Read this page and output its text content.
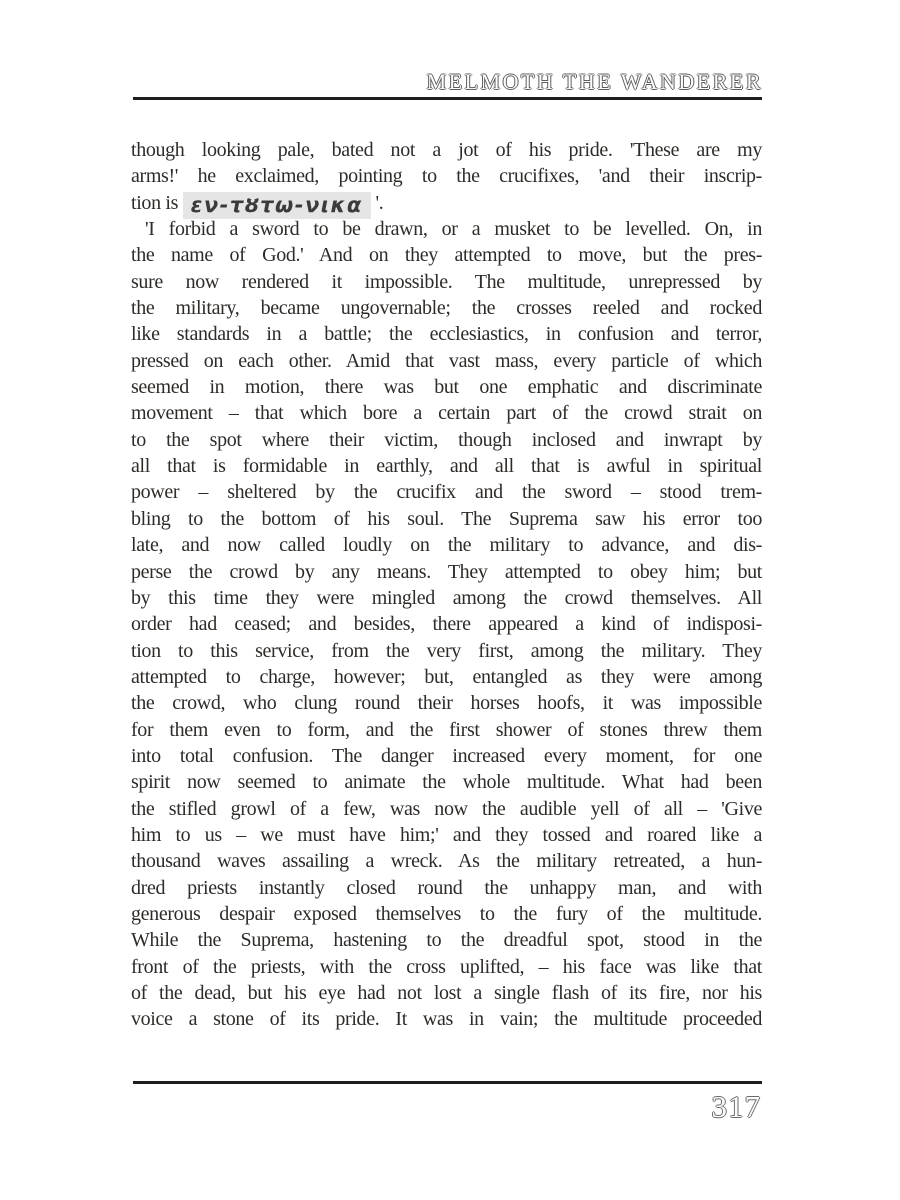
MELMOTH THE WANDERER
though looking pale, bated not a jot of his pride. 'These are my
arms!' he exclaimed, pointing to the crucifixes, 'and their inscrip-
tion is εν-τȣτω-νικα '.
'I forbid a sword to be drawn, or a musket to be levelled. On, in
the name of God.' And on they attempted to move, but the pres-
sure now rendered it impossible. The multitude, unrepressed by
the military, became ungovernable; the crosses reeled and rocked
like standards in a battle; the ecclesiastics, in confusion and terror,
pressed on each other. Amid that vast mass, every particle of which
seemed in motion, there was but one emphatic and discriminate
movement – that which bore a certain part of the crowd strait on
to the spot where their victim, though inclosed and inwrapt by
all that is formidable in earthly, and all that is awful in spiritual
power – sheltered by the crucifix and the sword – stood trem-
bling to the bottom of his soul. The Suprema saw his error too
late, and now called loudly on the military to advance, and dis-
perse the crowd by any means. They attempted to obey him; but
by this time they were mingled among the crowd themselves. All
order had ceased; and besides, there appeared a kind of indisposi-
tion to this service, from the very first, among the military. They
attempted to charge, however; but, entangled as they were among
the crowd, who clung round their horses hoofs, it was impossible
for them even to form, and the first shower of stones threw them
into total confusion. The danger increased every moment, for one
spirit now seemed to animate the whole multitude. What had been
the stifled growl of a few, was now the audible yell of all – 'Give
him to us – we must have him;' and they tossed and roared like a
thousand waves assailing a wreck. As the military retreated, a hun-
dred priests instantly closed round the unhappy man, and with
generous despair exposed themselves to the fury of the multitude.
While the Suprema, hastening to the dreadful spot, stood in the
front of the priests, with the cross uplifted, – his face was like that
of the dead, but his eye had not lost a single flash of its fire, nor his
voice a stone of its pride. It was in vain; the multitude proceeded
317
